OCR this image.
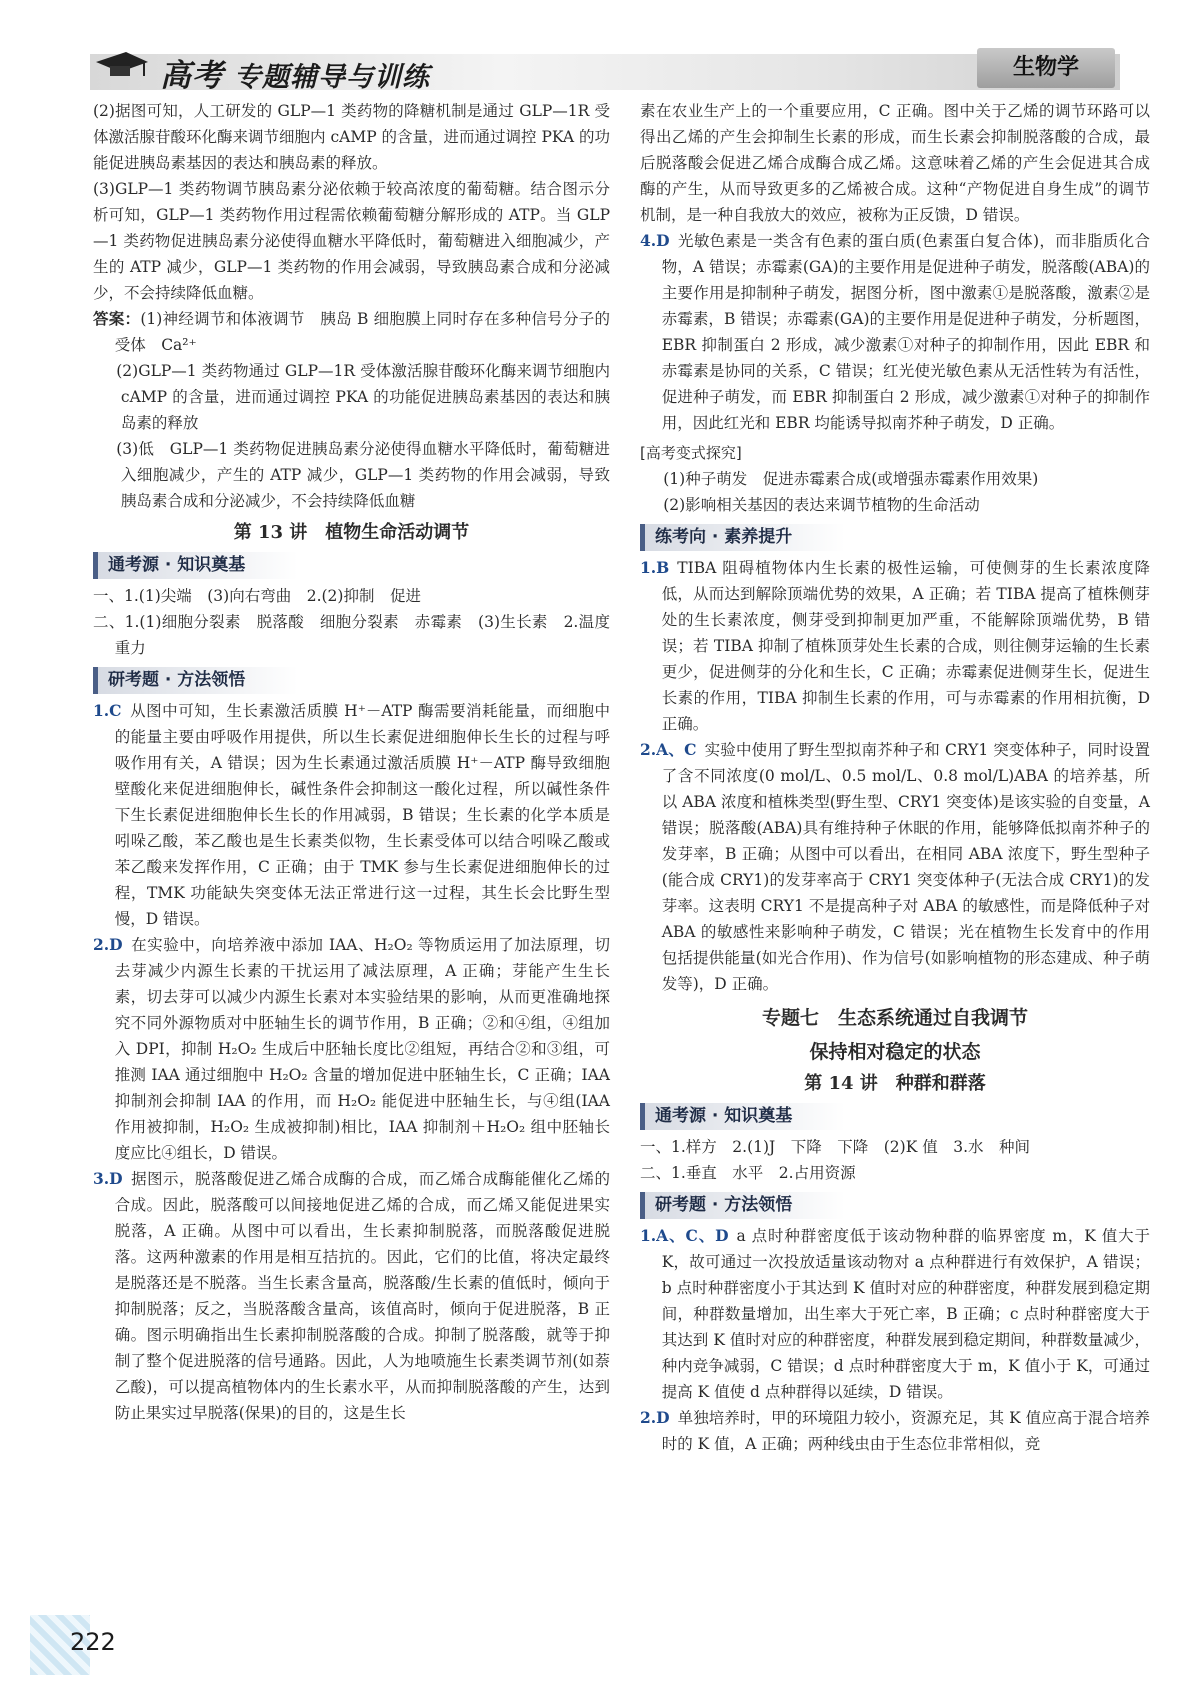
高考 专题辅导与训练	生物学

(2)据图可知，人工研发的 GLP—1 类药物的降糖机制是通过 GLP—1R 受体激活腺苷酸环化酶来调节细胞内 cAMP 的含量，进而通过调控 PKA 的功能促进胰岛素基因的表达和胰岛素的释放。

(3)GLP—1 类药物调节胰岛素分泌依赖于较高浓度的葡萄糖。结合图示分析可知，GLP—1 类药物作用过程需依赖葡萄糖分解形成的 ATP。当 GLP—1 类药物促进胰岛素分泌使得血糖水平降低时，葡萄糖进入细胞减少，产生的 ATP 减少，GLP—1 类药物的作用会减弱，导致胰岛素合成和分泌减少，不会持续降低血糖。

答案：(1)神经调节和体液调节　胰岛 B 细胞膜上同时存在多种信号分子的受体　Ca²⁺

(2)GLP—1 类药物通过 GLP—1R 受体激活腺苷酸环化酶来调节细胞内 cAMP 的含量，进而通过调控 PKA 的功能促进胰岛素基因的表达和胰岛素的释放

(3)低　GLP—1 类药物促进胰岛素分泌使得血糖水平降低时，葡萄糖进入细胞减少，产生的 ATP 减少，GLP—1 类药物的作用会减弱，导致胰岛素合成和分泌减少，不会持续降低血糖

第 13 讲　植物生命活动调节
通考源 · 知识奠基

一、1.(1)尖端　(3)向右弯曲　2.(2)抑制　促进

二、1.(1)细胞分裂素　脱落酸　细胞分裂素　赤霉素　(3)生长素　2.温度　重力

研考题 · 方法领悟

1.C 从图中可知，生长素激活质膜 H⁺－ATP 酶需要消耗能量，而细胞中的能量主要由呼吸作用提供，所以生长素促进细胞伸长生长的过程与呼吸作用有关，A 错误；因为生长素通过激活质膜 H⁺－ATP 酶导致细胞壁酸化来促进细胞伸长，碱性条件会抑制这一酸化过程，所以碱性条件下生长素促进细胞伸长生长的作用减弱，B 错误；生长素的化学本质是吲哚乙酸，苯乙酸也是生长素类似物，生长素受体可以结合吲哚乙酸或苯乙酸来发挥作用，C 正确；由于 TMK 参与生长素促进细胞伸长的过程，TMK 功能缺失突变体无法正常进行这一过程，其生长会比野生型慢，D 错误。

2.D 在实验中，向培养液中添加 IAA、H₂O₂ 等物质运用了加法原理，切去芽减少内源生长素的干扰运用了减法原理，A 正确；芽能产生生长素，切去芽可以减少内源生长素对本实验结果的影响，从而更准确地探究不同外源物质对中胚轴生长的调节作用，B 正确；②和④组，④组加入 DPI，抑制 H₂O₂ 生成后中胚轴长度比②组短，再结合②和③组，可推测 IAA 通过细胞中 H₂O₂ 含量的增加促进中胚轴生长，C 正确；IAA 抑制剂会抑制 IAA 的作用，而 H₂O₂ 能促进中胚轴生长，与④组(IAA 作用被抑制，H₂O₂ 生成被抑制)相比，IAA 抑制剂＋H₂O₂ 组中胚轴长度应比④组长，D 错误。

3.D 据图示，脱落酸促进乙烯合成酶的合成，而乙烯合成酶能催化乙烯的合成。因此，脱落酸可以间接地促进乙烯的合成，而乙烯又能促进果实脱落，A 正确。从图中可以看出，生长素抑制脱落，而脱落酸促进脱落。这两种激素的作用是相互拮抗的。因此，它们的比值，将决定最终是脱落还是不脱落。当生长素含量高，脱落酸/生长素的值低时，倾向于抑制脱落；反之，当脱落酸含量高，该值高时，倾向于促进脱落，B 正确。图示明确指出生长素抑制脱落酸的合成。抑制了脱落酸，就等于抑制了整个促进脱落的信号通路。因此，人为地喷施生长素类调节剂(如萘乙酸)，可以提高植物体内的生长素水平，从而抑制脱落酸的产生，达到防止果实过早脱落(保果)的目的，这是生长

素在农业生产上的一个重要应用，C 正确。图中关于乙烯的调节环路可以得出乙烯的产生会抑制生长素的形成，而生长素会抑制脱落酸的合成，最后脱落酸会促进乙烯合成酶合成乙烯。这意味着乙烯的产生会促进其合成酶的产生，从而导致更多的乙烯被合成。这种“产物促进自身生成”的调节机制，是一种自我放大的效应，被称为正反馈，D 错误。

4.D 光敏色素是一类含有色素的蛋白质(色素蛋白复合体)，而非脂质化合物，A 错误；赤霉素(GA)的主要作用是促进种子萌发，脱落酸(ABA)的主要作用是抑制种子萌发，据图分析，图中激素①是脱落酸，激素②是赤霉素，B 错误；赤霉素(GA)的主要作用是促进种子萌发，分析题图，EBR 抑制蛋白 2 形成，减少激素①对种子的抑制作用，因此 EBR 和赤霉素是协同的关系，C 错误；红光使光敏色素从无活性转为有活性，促进种子萌发，而 EBR 抑制蛋白 2 形成，减少激素①对种子的抑制作用，因此红光和 EBR 均能诱导拟南芥种子萌发，D 正确。

[高考变式探究]

(1)种子萌发　促进赤霉素合成(或增强赤霉素作用效果)

(2)影响相关基因的表达来调节植物的生命活动

练考向 · 素养提升

1.B TIBA 阻碍植物体内生长素的极性运输，可使侧芽的生长素浓度降低，从而达到解除顶端优势的效果，A 正确；若 TIBA 提高了植株侧芽处的生长素浓度，侧芽受到抑制更加严重，不能解除顶端优势，B 错误；若 TIBA 抑制了植株顶芽处生长素的合成，则往侧芽运输的生长素更少，促进侧芽的分化和生长，C 正确；赤霉素促进侧芽生长，促进生长素的作用，TIBA 抑制生长素的作用，可与赤霉素的作用相抗衡，D 正确。

2.A、C 实验中使用了野生型拟南芥种子和 CRY1 突变体种子，同时设置了含不同浓度(0 mol/L、0.5 mol/L、0.8 mol/L)ABA 的培养基，所以 ABA 浓度和植株类型(野生型、CRY1 突变体)是该实验的自变量，A 错误；脱落酸(ABA)具有维持种子休眠的作用，能够降低拟南芥种子的发芽率，B 正确；从图中可以看出，在相同 ABA 浓度下，野生型种子(能合成 CRY1)的发芽率高于 CRY1 突变体种子(无法合成 CRY1)的发芽率。这表明 CRY1 不是提高种子对 ABA 的敏感性，而是降低种子对 ABA 的敏感性来影响种子萌发，C 错误；光在植物生长发育中的作用包括提供能量(如光合作用)、作为信号(如影响植物的形态建成、种子萌发等)，D 正确。

专题七　生态系统通过自我调节
保持相对稳定的状态
第 14 讲　种群和群落
通考源 · 知识奠基

一、1.样方　2.(1)J　下降　下降　(2)K 值　3.水　种间

二、1.垂直　水平　2.占用资源

研考题 · 方法领悟

1.A、C、D a 点时种群密度低于该动物种群的临界密度 m，K 值大于 K，故可通过一次投放适量该动物对 a 点种群进行有效保护，A 错误；b 点时种群密度小于其达到 K 值时对应的种群密度，种群发展到稳定期间，种群数量增加，出生率大于死亡率，B 正确；c 点时种群密度大于其达到 K 值时对应的种群密度，种群发展到稳定期间，种群数量减少，种内竞争减弱，C 错误；d 点时种群密度大于 m，K 值小于 K，可通过提高 K 值使 d 点种群得以延续，D 错误。

2.D 单独培养时，甲的环境阻力较小，资源充足，其 K 值应高于混合培养时的 K 值，A 正确；两种线虫由于生态位非常相似，竞

222
